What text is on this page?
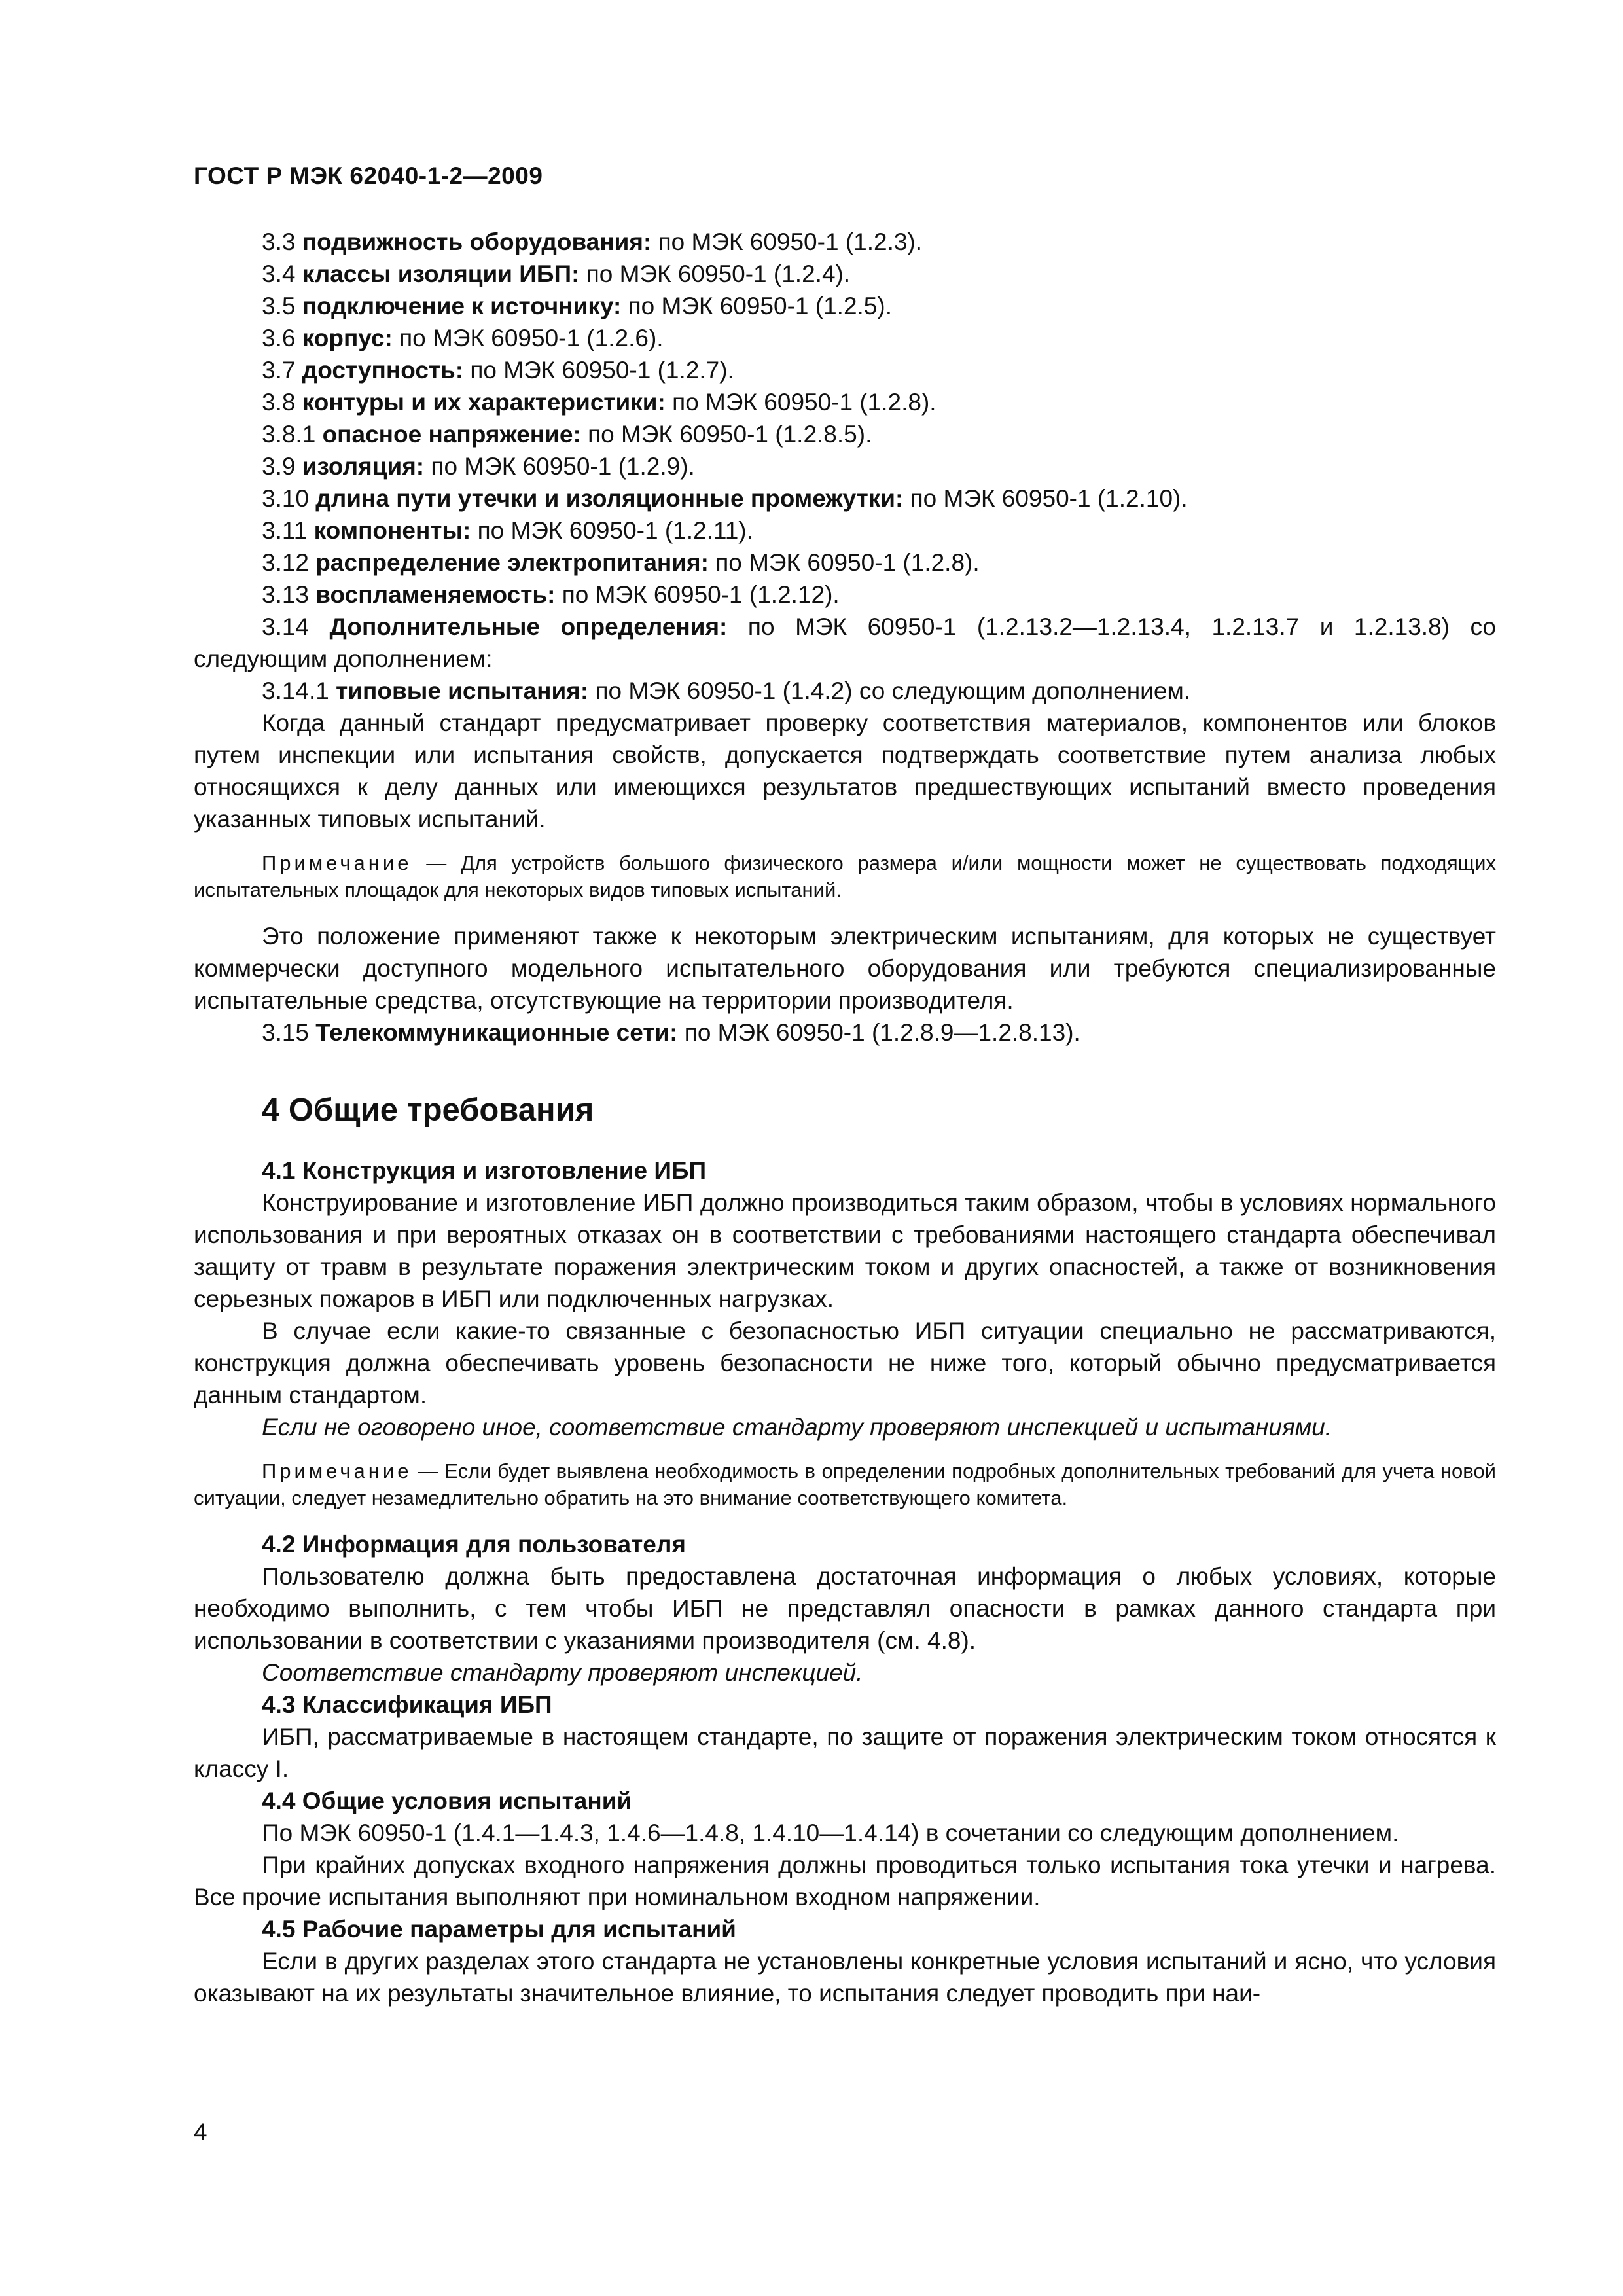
ГОСТ Р МЭК 62040-1-2—2009
3.3 подвижность оборудования: по МЭК 60950-1 (1.2.3).
3.4 классы изоляции ИБП: по МЭК 60950-1 (1.2.4).
3.5 подключение к источнику: по МЭК 60950-1 (1.2.5).
3.6 корпус: по МЭК 60950-1 (1.2.6).
3.7 доступность: по МЭК 60950-1 (1.2.7).
3.8 контуры и их характеристики: по МЭК 60950-1 (1.2.8).
3.8.1 опасное напряжение: по МЭК 60950-1 (1.2.8.5).
3.9 изоляция: по МЭК 60950-1 (1.2.9).
3.10 длина пути утечки и изоляционные промежутки: по МЭК 60950-1 (1.2.10).
3.11 компоненты: по МЭК 60950-1 (1.2.11).
3.12 распределение электропитания: по МЭК 60950-1 (1.2.8).
3.13 воспламеняемость: по МЭК 60950-1 (1.2.12).
3.14 Дополнительные определения: по МЭК 60950-1 (1.2.13.2—1.2.13.4, 1.2.13.7 и 1.2.13.8) со следующим дополнением:
3.14.1 типовые испытания: по МЭК 60950-1 (1.4.2) со следующим дополнением.
Когда данный стандарт предусматривает проверку соответствия материалов, компонентов или блоков путем инспекции или испытания свойств, допускается подтверждать соответствие путем анализа любых относящихся к делу данных или имеющихся результатов предшествующих испытаний вместо проведения указанных типовых испытаний.
Примечание — Для устройств большого физического размера и/или мощности может не существовать подходящих испытательных площадок для некоторых видов типовых испытаний.
Это положение применяют также к некоторым электрическим испытаниям, для которых не существует коммерчески доступного модельного испытательного оборудования или требуются специализированные испытательные средства, отсутствующие на территории производителя.
3.15 Телекоммуникационные сети: по МЭК 60950-1 (1.2.8.9—1.2.8.13).
4 Общие требования
4.1 Конструкция и изготовление ИБП
Конструирование и изготовление ИБП должно производиться таким образом, чтобы в условиях нормального использования и при вероятных отказах он в соответствии с требованиями настоящего стандарта обеспечивал защиту от травм в результате поражения электрическим током и других опасностей, а также от возникновения серьезных пожаров в ИБП или подключенных нагрузках.
В случае если какие-то связанные с безопасностью ИБП ситуации специально не рассматриваются, конструкция должна обеспечивать уровень безопасности не ниже того, который обычно предусматривается данным стандартом.
Если не оговорено иное, соответствие стандарту проверяют инспекцией и испытаниями.
Примечание — Если будет выявлена необходимость в определении подробных дополнительных требований для учета новой ситуации, следует незамедлительно обратить на это внимание соответствующего комитета.
4.2 Информация для пользователя
Пользователю должна быть предоставлена достаточная информация о любых условиях, которые необходимо выполнить, с тем чтобы ИБП не представлял опасности в рамках данного стандарта при использовании в соответствии с указаниями производителя (см. 4.8).
Соответствие стандарту проверяют инспекцией.
4.3 Классификация ИБП
ИБП, рассматриваемые в настоящем стандарте, по защите от поражения электрическим током относятся к классу I.
4.4 Общие условия испытаний
По МЭК 60950-1 (1.4.1—1.4.3, 1.4.6—1.4.8, 1.4.10—1.4.14) в сочетании со следующим дополнением.
При крайних допусках входного напряжения должны проводиться только испытания тока утечки и нагрева. Все прочие испытания выполняют при номинальном входном напряжении.
4.5 Рабочие параметры для испытаний
Если в других разделах этого стандарта не установлены конкретные условия испытаний и ясно, что условия оказывают на их результаты значительное влияние, то испытания следует проводить при наи-
4
